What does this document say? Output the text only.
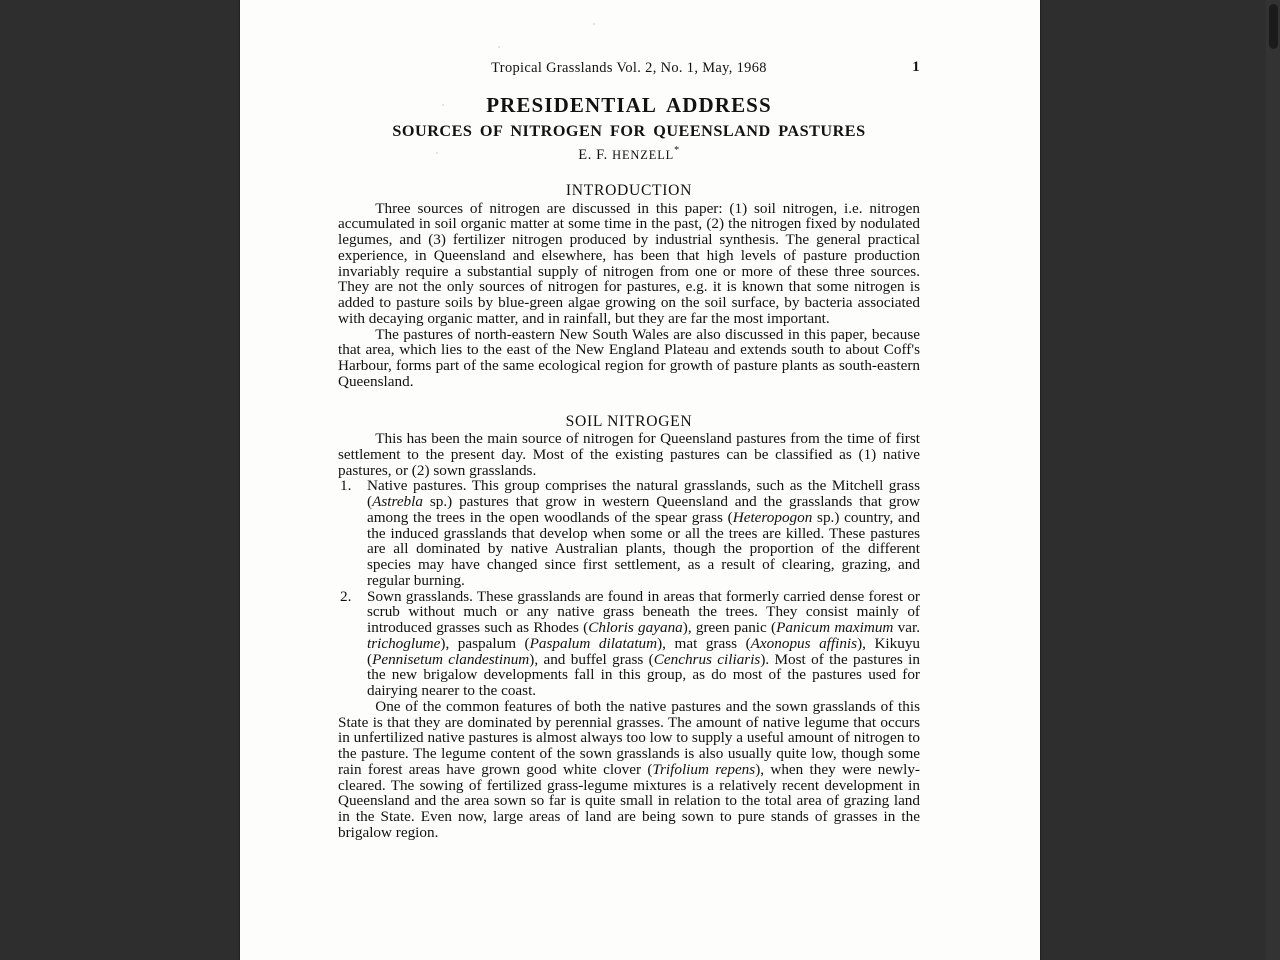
Tropical Grasslands Vol. 2, No. 1, May, 1968	1
PRESIDENTIAL ADDRESS
SOURCES OF NITROGEN FOR QUEENSLAND PASTURES
E. F. HENZELL*
INTRODUCTION

Three sources of nitrogen are discussed in this paper: (1) soil nitrogen, i.e. nitrogen accumulated in soil organic matter at some time in the past, (2) the nitrogen fixed by nodulated legumes, and (3) fertilizer nitrogen produced by industrial synthesis. The general practical experience, in Queensland and elsewhere, has been that high levels of pasture production invariably require a substantial supply of nitrogen from one or more of these three sources. They are not the only sources of nitrogen for pastures, e.g. it is known that some nitrogen is added to pasture soils by blue-green algae growing on the soil surface, by bacteria associated with decaying organic matter, and in rainfall, but they are far the most important.

The pastures of north-eastern New South Wales are also discussed in this paper, because that area, which lies to the east of the New England Plateau and extends south to about Coff's Harbour, forms part of the same ecological region for growth of pasture plants as south-eastern Queensland.

SOIL NITROGEN

This has been the main source of nitrogen for Queensland pastures from the time of first settlement to the present day. Most of the existing pastures can be classified as (1) native pastures, or (2) sown grasslands.

1.	Native pastures. This group comprises the natural grasslands, such as the Mitchell grass (Astrebla sp.) pastures that grow in western Queensland and the grasslands that grow among the trees in the open woodlands of the spear grass (Heteropogon sp.) country, and the induced grasslands that develop when some or all the trees are killed. These pastures are all dominated by native Australian plants, though the proportion of the different species may have changed since first settlement, as a result of clearing, grazing, and regular burning.
2.	Sown grasslands. These grasslands are found in areas that formerly carried dense forest or scrub without much or any native grass beneath the trees. They consist mainly of introduced grasses such as Rhodes (Chloris gayana), green panic (Panicum maximum var. trichoglume), paspalum (Paspalum dilatatum), mat grass (Axonopus affinis), Kikuyu (Pennisetum clandestinum), and buffel grass (Cenchrus ciliaris). Most of the pastures in the new brigalow developments fall in this group, as do most of the pastures used for dairying nearer to the coast.

One of the common features of both the native pastures and the sown grasslands of this State is that they are dominated by perennial grasses. The amount of native legume that occurs in unfertilized native pastures is almost always too low to supply a useful amount of nitrogen to the pasture. The legume content of the sown grasslands is also usually quite low, though some rain forest areas have grown good white clover (Trifolium repens), when they were newly-cleared. The sowing of fertilized grass-legume mixtures is a relatively recent development in Queensland and the area sown so far is quite small in relation to the total area of grazing land in the State. Even now, large areas of land are being sown to pure stands of grasses in the brigalow region.
